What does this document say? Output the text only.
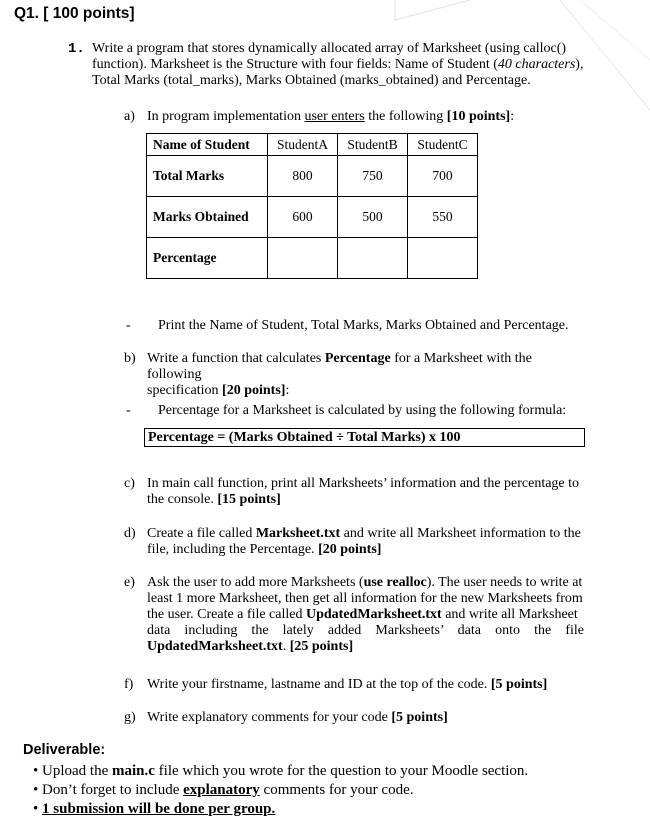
Q1. [ 100 points]
1. Write a program that stores dynamically allocated array of Marksheet (using calloc()
function). Marksheet is the Structure with four fields: Name of Student (40 characters),
Total Marks (total_marks), Marks Obtained (marks_obtained) and Percentage.
a) In program implementation user enters the following [10 points]:
Name of Student	StudentA	StudentB	StudentC
Total Marks	800	750	700
Marks Obtained	600	500	550
Percentage			
- Print the Name of Student, Total Marks, Marks Obtained and Percentage.
b) Write a function that calculates Percentage for a Marksheet with the following
specification [20 points]:
- Percentage for a Marksheet is calculated by using the following formula:
Percentage = (Marks Obtained ÷ Total Marks) x 100
c) In main call function, print all Marksheets’ information and the percentage to
the console. [15 points]
d) Create a file called Marksheet.txt and write all Marksheet information to the
file, including the Percentage. [20 points]
e) Ask the user to add more Marksheets (use realloc). The user needs to write at
least 1 more Marksheet, then get all information for the new Marksheets from
the user. Create a file called UpdatedMarksheet.txt and write all Marksheet
data including the lately added Marksheets’ data onto the file
UpdatedMarksheet.txt. [25 points]
f) Write your firstname, lastname and ID at the top of the code. [5 points]
g) Write explanatory comments for your code [5 points]
Deliverable:
• Upload the main.c file which you wrote for the question to your Moodle section.
• Don’t forget to include explanatory comments for your code.
• 1 submission will be done per group.
